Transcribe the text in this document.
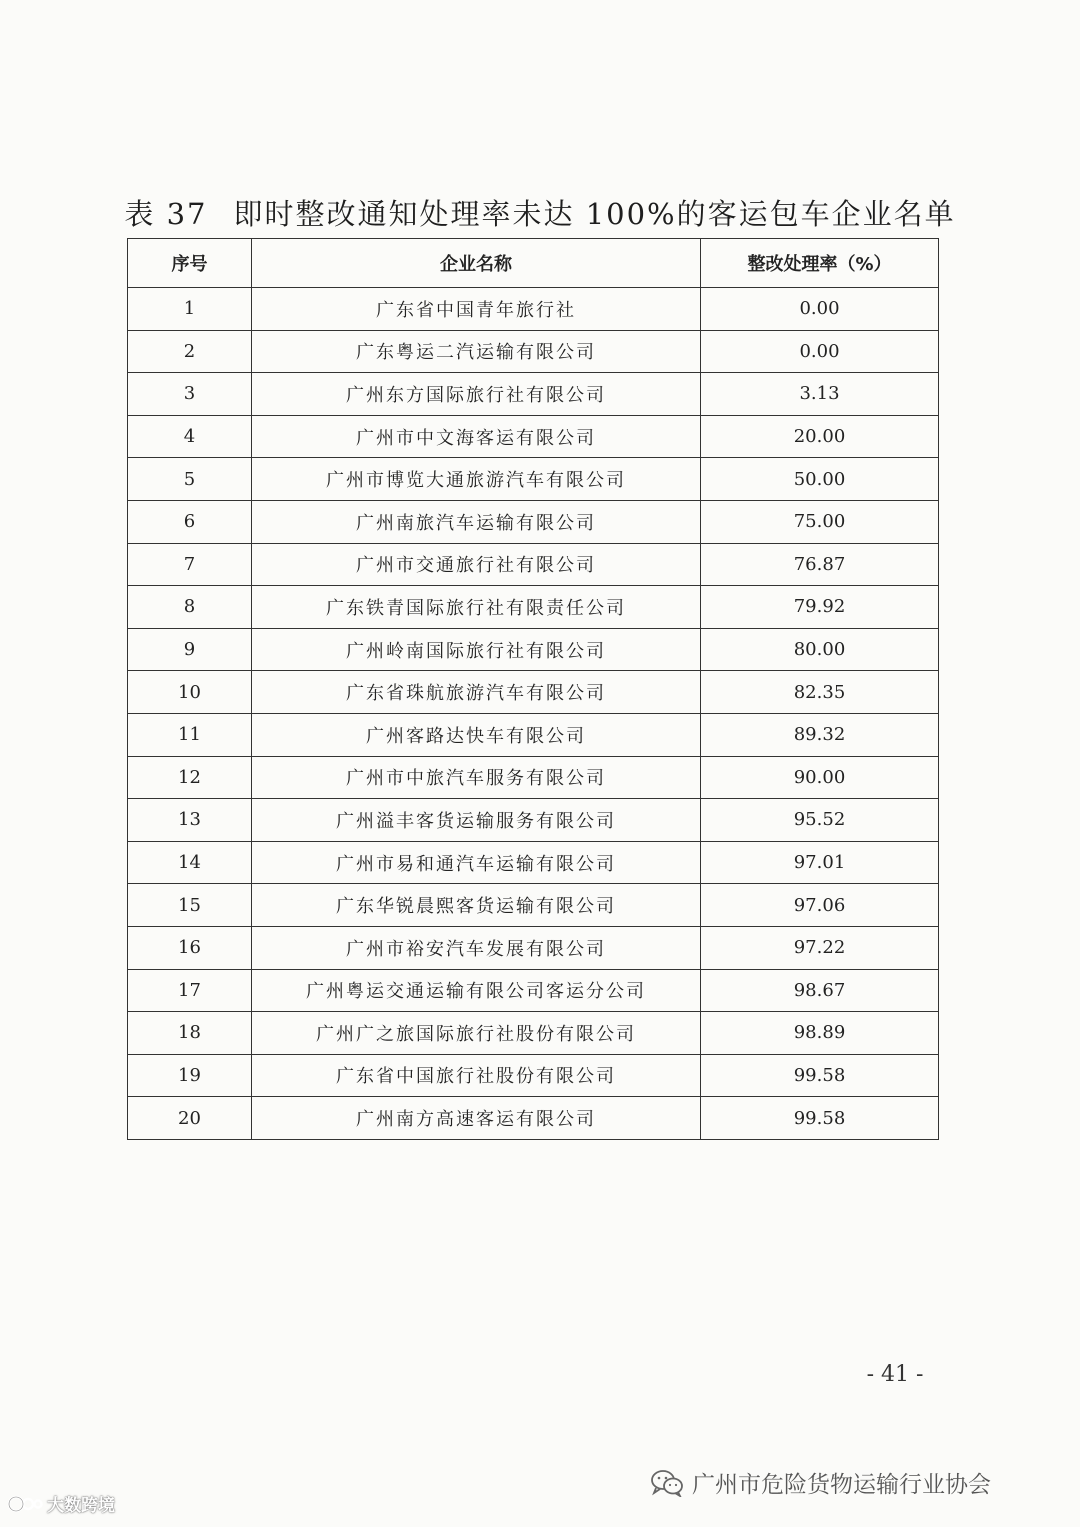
表 37 即时整改通知处理率未达 100%的客运包车企业名单
序号	企业名称	整改处理率（%）
1	广东省中国青年旅行社	0.00
2	广东粤运二汽运输有限公司	0.00
3	广州东方国际旅行社有限公司	3.13
4	广州市中文海客运有限公司	20.00
5	广州市博览大通旅游汽车有限公司	50.00
6	广州南旅汽车运输有限公司	75.00
7	广州市交通旅行社有限公司	76.87
8	广东铁青国际旅行社有限责任公司	79.92
9	广州岭南国际旅行社有限公司	80.00
10	广东省珠航旅游汽车有限公司	82.35
11	广州客路达快车有限公司	89.32
12	广州市中旅汽车服务有限公司	90.00
13	广州溢丰客货运输服务有限公司	95.52
14	广州市易和通汽车运输有限公司	97.01
15	广东华锐晨熙客货运输有限公司	97.06
16	广州市裕安汽车发展有限公司	97.22
17	广州粤运交通运输有限公司客运分公司	98.67
18	广州广之旅国际旅行社股份有限公司	98.89
19	广东省中国旅行社股份有限公司	99.58
20	广州南方高速客运有限公司	99.58
- 41 -
广州市危险货物运输行业协会
大数跨境
